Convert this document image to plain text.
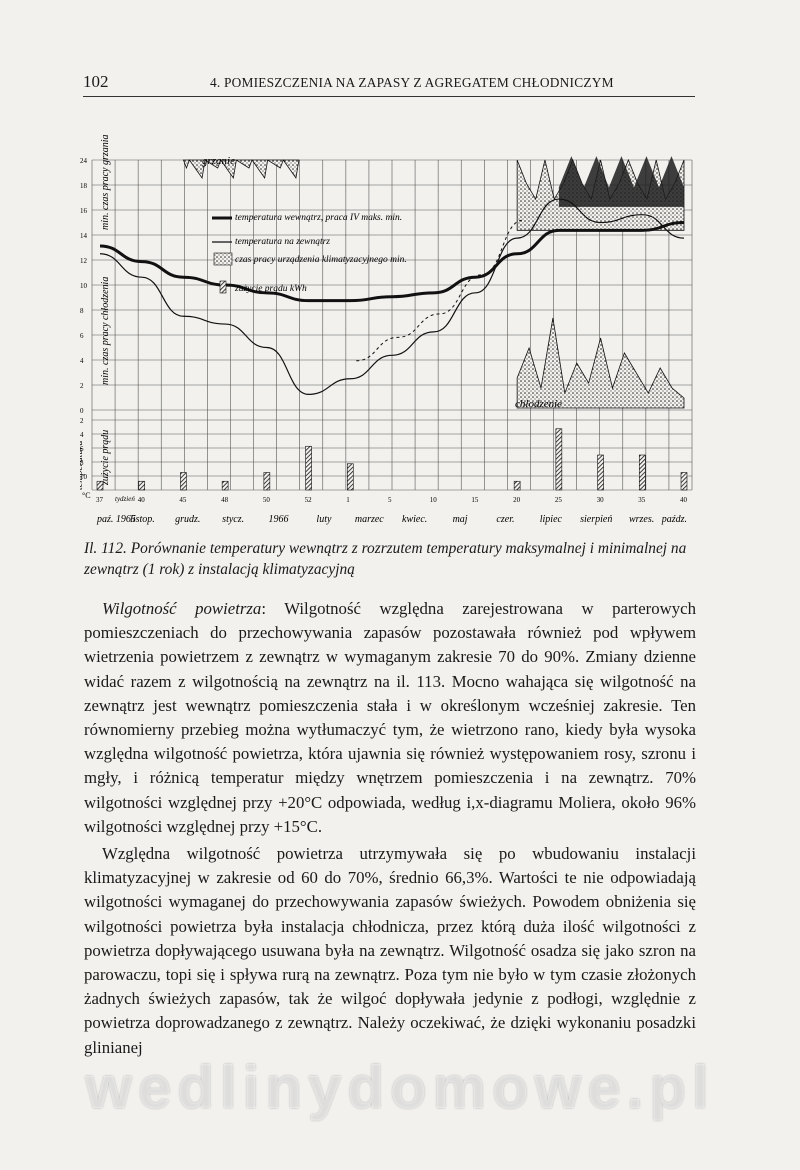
102	4. POMIESZCZENIA NA ZAPASY Z AGREGATEM CHŁODNICZYM
24
18
16
14
12
10
8
6
4
2
0
2
4
6
8
10
min. czas pracy grzania
min. czas pracy chłodzenia
temperatura zużycie prądu
grzanie
chłodzenie
temperatura wewnątrz, praca IV maks. min.
temperatura na zewnątrz
czas pracy urządzenia klimatyzacyjnego min.
zużycie prądu kWh
37	40	45	48	50	52	1	5	10	15	20	25	30	35	40
tydzień
°C
paź. 1965
listop. grudz. stycz. 1966	luty marzec kwiec.	maj	czer.	lipiec sierpień wrzes. paźdz.
Il. 112. Porównanie temperatury wewnątrz z rozrzutem temperatury maksymalnej i minimalnej na zewnątrz (1 rok) z instalacją klimatyzacyjną

Wilgotność powietrza: Wilgotność względna zarejestrowana w parterowych pomieszczeniach do przechowywania zapasów pozostawała również pod wpływem wietrzenia powietrzem z zewnątrz w wymaganym zakresie 70 do 90%. Zmiany dzienne widać razem z wilgotnością na zewnątrz na il. 113. Mocno wahająca się wilgotność na zewnątrz jest wewnątrz pomieszczenia stała i w określonym wcześniej zakresie. Ten równomierny przebieg można wytłumaczyć tym, że wietrzono rano, kiedy była wysoka względna wilgotność powietrza, która ujawnia się również występowaniem rosy, szronu i mgły, i różnicą temperatur między wnętrzem pomieszczenia i na zewnątrz. 70% wilgotności względnej przy +20°C odpowiada, według i,x-diagramu Moliera, około 96% wilgotności względnej przy +15°C.

Względna wilgotność powietrza utrzymywała się po wbudowaniu instalacji klimatyzacyjnej w zakresie od 60 do 70%, średnio 66,3%. Wartości te nie odpowiadają wilgotności wymaganej do przechowywania zapasów świeżych. Powodem obniżenia się wilgotności powietrza była instalacja chłodnicza, przez którą duża ilość wilgotności z powietrza dopływającego usuwana była na zewnątrz. Wilgotność osadza się jako szron na parowaczu, topi się i spływa rurą na zewnątrz. Poza tym nie było w tym czasie złożonych żadnych świeżych zapasów, tak że wilgoć dopływała jedynie z podłogi, względnie z powietrza doprowadzanego z zewnątrz. Należy oczekiwać, że dzięki wykonaniu posadzki glinianej

wedlinydomowe.pl
